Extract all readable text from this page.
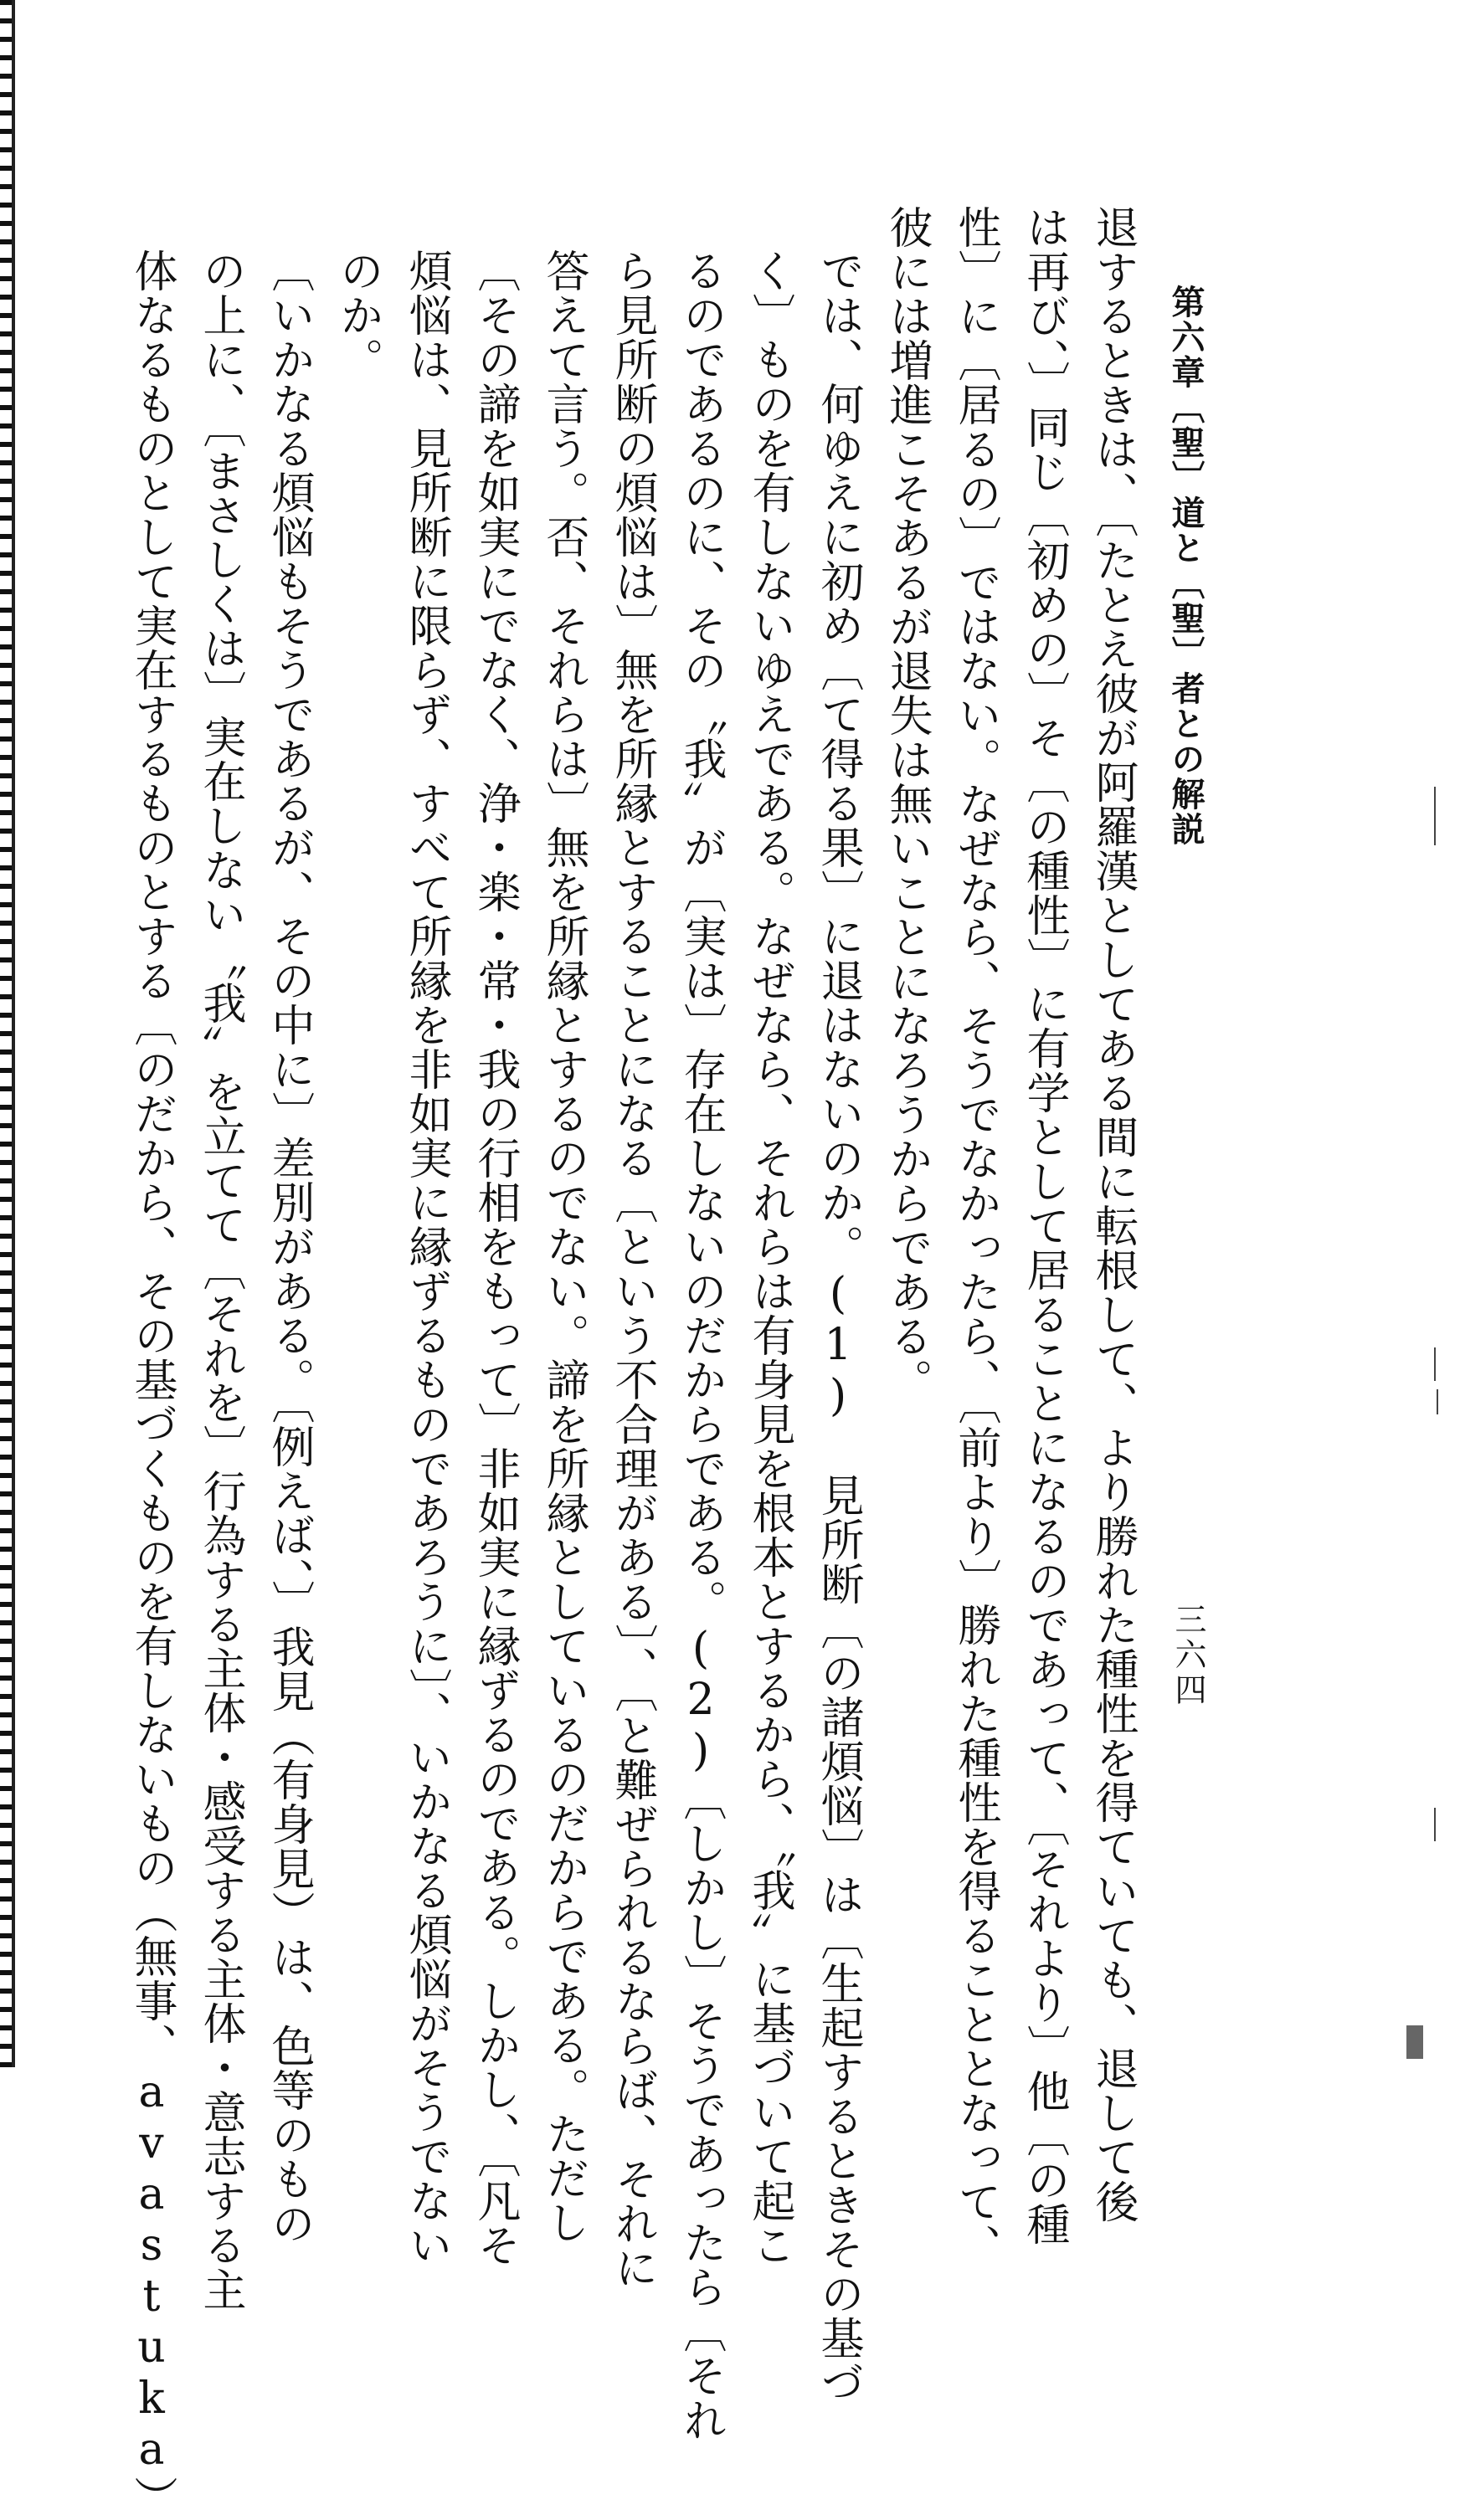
第六章〔聖〕道と〔聖〕者との解説
三六四

退するときは、〔たとえ彼が阿羅漢としてある間に転根して、より勝れた種性を得ていても、退して後
は再び、〕同じ〔初めの〕そ〔の種性〕に有学として居ることになるのであって、〔それより〕他〔の種
性〕に〔居るの〕ではない。なぜなら、そうでなかったら、〔前より〕勝れた種性を得ることとなって、
彼には増進こそあるが退失は無いことになろうからである。

では、何ゆえに初め〔て得る果〕に退はないのか。(1) 見所断〔の諸煩悩〕は〔生起するときその基づ
く〕ものを有しないゆえである。なぜなら、それらは有身見を根本とするから、〝我〟に基づいて起こ
るのであるのに、その〝我〟が〔実は〕存在しないのだからである。(2)〔しかし〕そうであったら〔それ
ら見所断の煩悩は〕無を所縁とすることになる〔という不合理がある〕、〔と難ぜられるならば、それに
答えて言う。否、それらは〕無を所縁とするのでない。諦を所縁としているのだからである。ただし
〔その諦を如実にでなく、浄・楽・常・我の行相をもって〕非如実に縁ずるのである。しかし、〔凡そ
煩悩は、見所断に限らず、すべて所縁を非如実に縁ずるものであろうに〕、いかなる煩悩がそうでない
のか。

〔いかなる煩悩もそうであるが、その中に〕差別がある。〔例えば、〕我見（有身見）は、色等のもの
の上に、〔まさしくは〕実在しない〝我〟を立てて〔それを〕行為する主体・感受する主体・意志する主
体なるものとして実在するものとする〔のだから、その基づくものを有しないもの（無事、avastuka）
